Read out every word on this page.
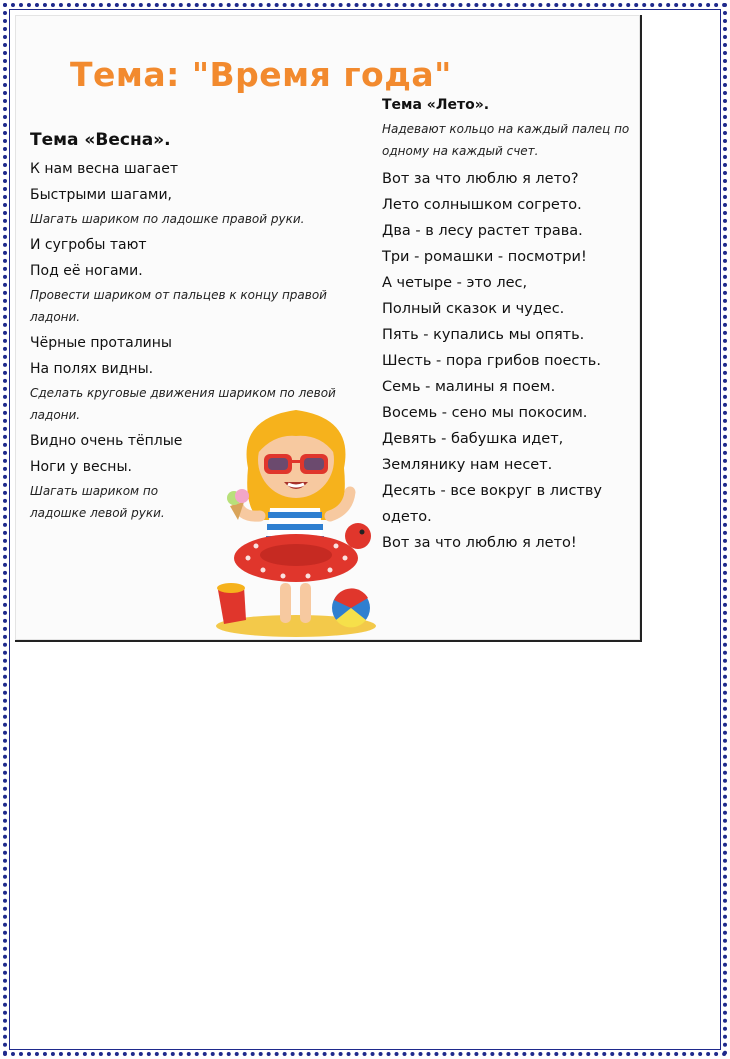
Тема: "Время года"
Тема «Весна».
К нам весна шагает
Быстрыми шагами,
Шагать шариком по ладошке правой руки.
И сугробы тают
Под её ногами.
Провести шариком от пальцев к концу правой ладони.
Чёрные проталины
На полях видны.
Сделать круговые движения шариком по левой ладони.
Видно очень тёплые
Ноги у весны.
Шагать шариком по ладошке левой руки.
Тема «Лето».
Надевают кольцо на каждый палец по одному на каждый счет.
Вот за что люблю я лето?
Лето солнышком согрето.
Два - в лесу растет трава.
Три - ромашки - посмотри!
А четыре - это лес,
Полный сказок и чудес.
Пять - купались мы опять.
Шесть - пора грибов поесть.
Семь - малины я поем.
Восемь - сено мы покосим.
Девять - бабушка идет,
Землянику нам несет.
Десять - все вокруг в листву одето.
Вот за что люблю я лето!
